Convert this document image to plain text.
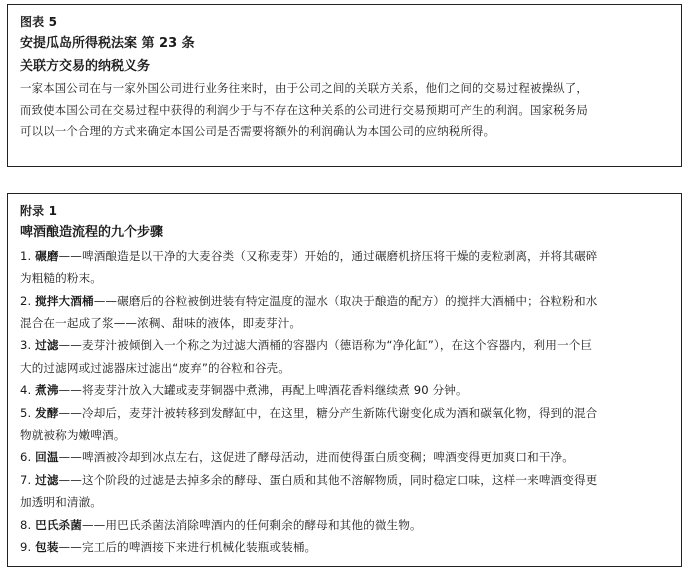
图表 5
安提瓜岛所得税法案 第 23 条
关联方交易的纳税义务
一家本国公司在与一家外国公司进行业务往来时，由于公司之间的关联方关系，他们之间的交易过程被操纵了，
而致使本国公司在交易过程中获得的利润少于与不存在这种关系的公司进行交易预期可产生的利润。国家税务局
可以以一个合理的方式来确定本国公司是否需要将额外的利润确认为本国公司的应纳税所得。
附录 1
啤酒酿造流程的九个步骤
1. 碾磨——啤酒酿造是以干净的大麦谷类（又称麦芽）开始的，通过碾磨机挤压将干燥的麦粒剥离，并将其碾碎
为粗糙的粉末。
2. 搅拌大酒桶——碾磨后的谷粒被倒进装有特定温度的湿水（取决于酿造的配方）的搅拌大酒桶中；谷粒粉和水
混合在一起成了浆——浓稠、甜味的液体，即麦芽汁。
3. 过滤——麦芽汁被倾倒入一个称之为过滤大酒桶的容器内（德语称为“净化缸”），在这个容器内，利用一个巨
大的过滤网或过滤器床过滤出“废弃”的谷粒和谷壳。
4. 煮沸——将麦芽汁放入大罐或麦芽铜器中煮沸，再配上啤酒花香料继续煮 90 分钟。
5. 发酵——冷却后，麦芽汁被转移到发酵缸中，在这里，糖分产生新陈代谢变化成为酒和碳氧化物，得到的混合
物就被称为嫩啤酒。
6. 回温——啤酒被冷却到冰点左右，这促进了酵母活动，进而使得蛋白质变稠；啤酒变得更加爽口和干净。
7. 过滤——这个阶段的过滤是去掉多余的酵母、蛋白质和其他不溶解物质，同时稳定口味，这样一来啤酒变得更
加透明和清澈。
8. 巴氏杀菌——用巴氏杀菌法消除啤酒内的任何剩余的酵母和其他的微生物。
9. 包装——完工后的啤酒接下来进行机械化装瓶或装桶。
